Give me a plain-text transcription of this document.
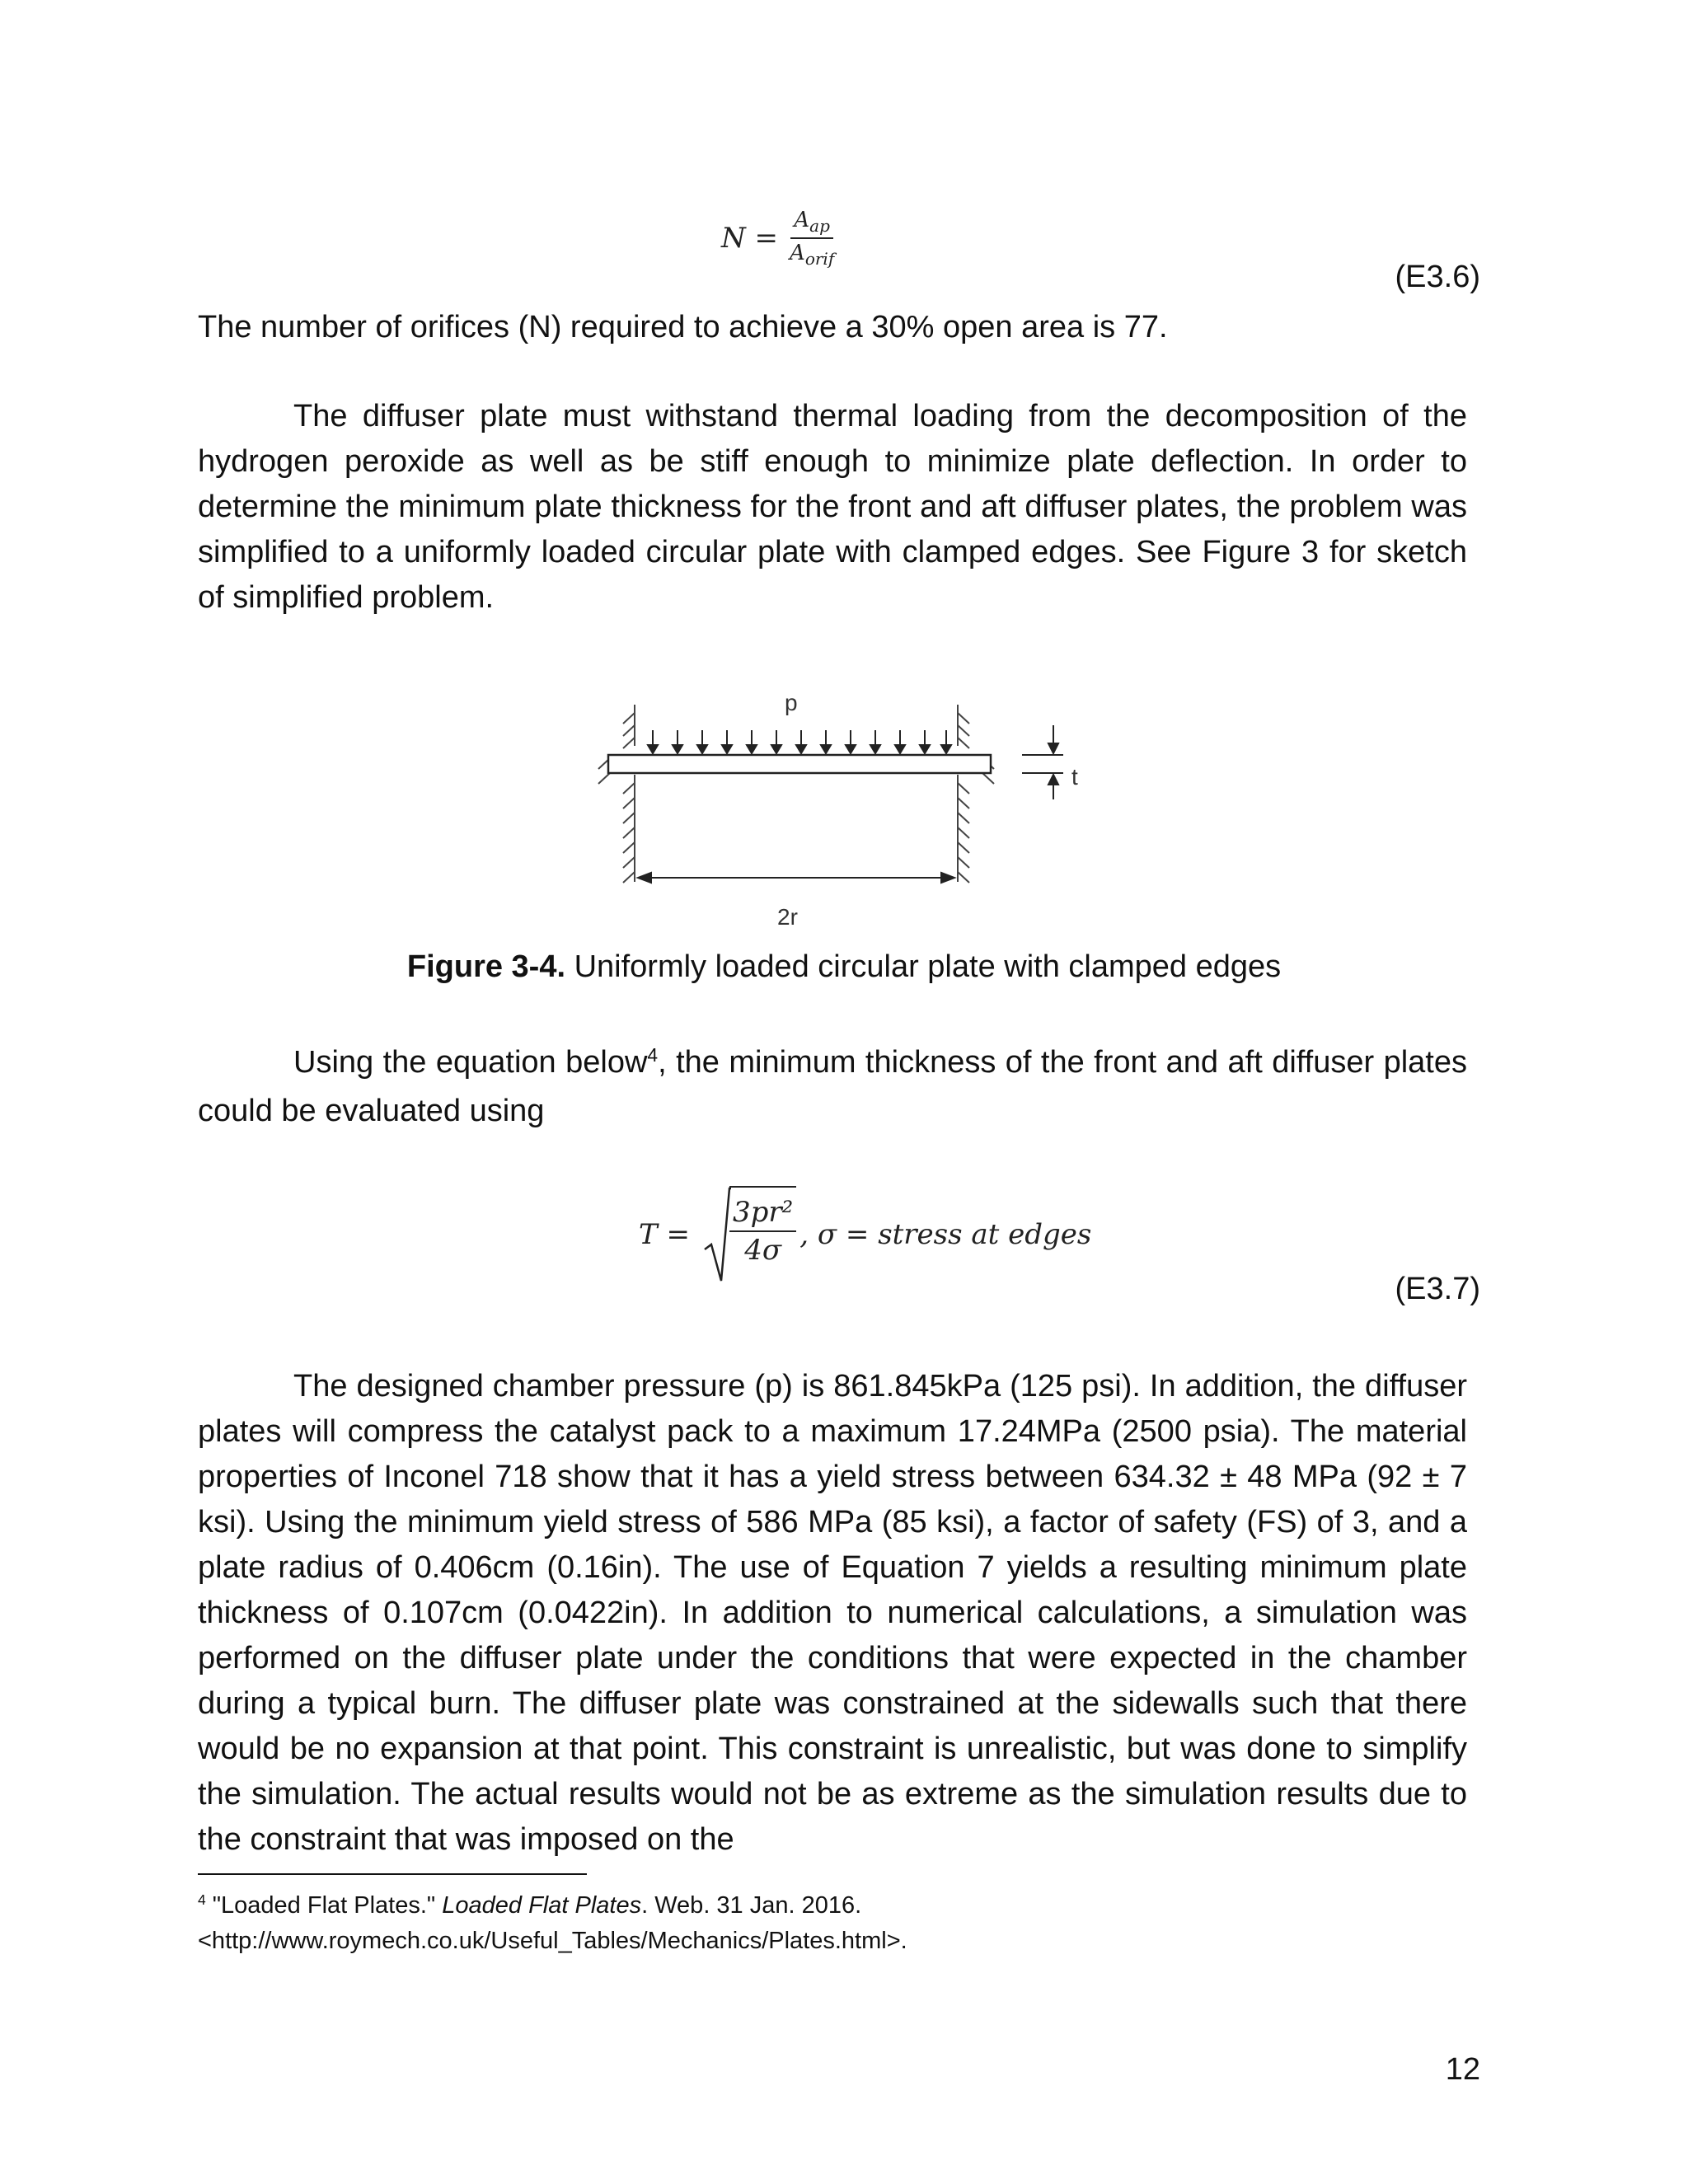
$N = \frac{A_{ap}}{A_{orif}}$
(E3.6)
The number of orifices (N) required to achieve a 30% open area is 77.
The diffuser plate must withstand thermal loading from the decomposition of the hydrogen peroxide as well as be stiff enough to minimize plate deflection. In order to determine the minimum plate thickness for the front and aft diffuser plates, the problem was simplified to a uniformly loaded circular plate with clamped edges. See Figure 3 for sketch of simplified problem.
p
t
2r
Figure 3-4. Uniformly loaded circular plate with clamped edges
Using the equation below$^4$, the minimum thickness of the front and aft diffuser plates could be evaluated using
$T = \frac{\text{3pr²}}{4\sigma}$ , σ = stress at edges
(E3.7)
The designed chamber pressure (p) is 861.845kPa (125 psi). In addition, the diffuser plates will compress the catalyst pack to a maximum 17.24MPa (2500 psia). The material properties of Inconel 718 show that it has a yield stress between 634.32 ± 48 MPa (92 ± 7 ksi). Using the minimum yield stress of 586 MPa (85 ksi), a factor of safety (FS) of 3, and a plate radius of 0.406cm (0.16in). The use of Equation 7 yields a resulting minimum plate thickness of 0.107cm (0.0422in). In addition to numerical calculations, a simulation was performed on the diffuser plate under the conditions that were expected in the chamber during a typical burn. The diffuser plate was constrained at the sidewalls such that there would be no expansion at that point. This constraint is unrealistic, but was done to simplify the simulation. The actual results would not be as extreme as the simulation results due to the constraint that was imposed on the
$^4$ "Loaded Flat Plates." Loaded Flat Plates. Web. 31 Jan. 2016.
<http://www.roymech.co.uk/Useful_Tables/Mechanics/Plates.html>.
12
